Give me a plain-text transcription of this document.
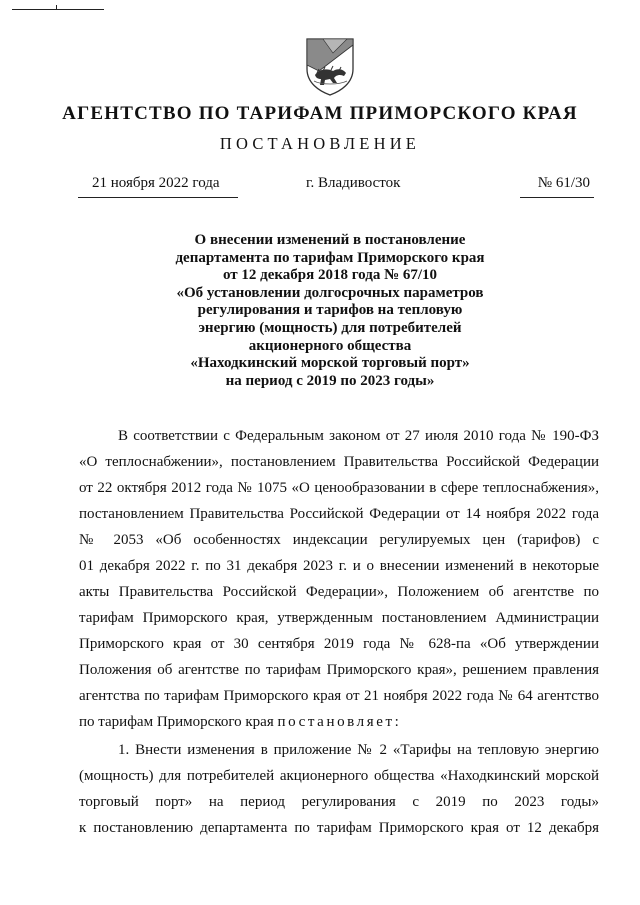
АГЕНТСТВО ПО ТАРИФАМ ПРИМОРСКОГО КРАЯ
ПОСТАНОВЛЕНИЕ
21 ноября 2022 года	г. Владивосток	№ 61/30
О внесении изменений в постановление
департамента по тарифам Приморского края
от 12 декабря 2018 года № 67/10
«Об установлении долгосрочных параметров
регулирования и тарифов на тепловую
энергию (мощность) для потребителей
акционерного общества
«Находкинский морской торговый порт»
на период с 2019 по 2023 годы»
В соответствии с Федеральным законом от 27 июля 2010 года № 190-ФЗ
«О теплоснабжении», постановлением Правительства Российской Федерации
от 22 октября 2012 года № 1075 «О ценообразовании в сфере теплоснабжения»,
постановлением Правительства Российской Федерации от 14 ноября 2022 года
№ 2053 «Об особенностях индексации регулируемых цен (тарифов) с
01 декабря 2022 г. по 31 декабря 2023 г. и о внесении изменений в некоторые
акты Правительства Российской Федерации», Положением об агентстве по
тарифам Приморского края, утвержденным постановлением Администрации
Приморского края от 30 сентября 2019 года № 628-па «Об утверждении
Положения об агентстве по тарифам Приморского края», решением правления
агентства по тарифам Приморского края от 21 ноября 2022 года № 64 агентство
по тарифам Приморского края постановляет:
1. Внести изменения в приложение № 2 «Тарифы на тепловую энергию
(мощность) для потребителей акционерного общества «Находкинский морской
торговый порт» на период регулирования с 2019 по 2023 годы»
к постановлению департамента по тарифам Приморского края от 12 декабря
